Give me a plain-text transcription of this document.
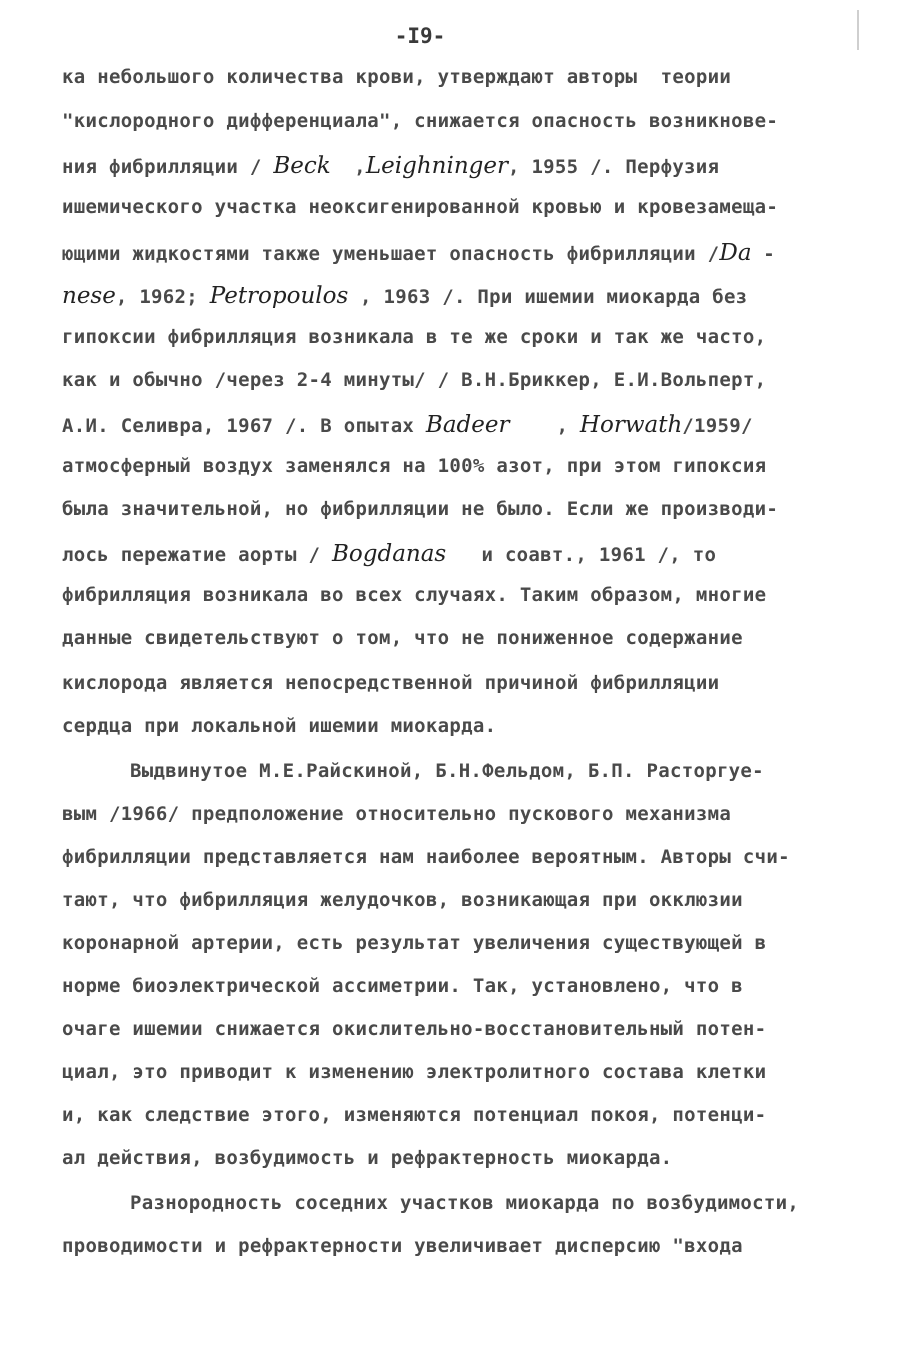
-I9-
ка небольшого количества крови, утверждают авторы  теории
"кислородного дифференциала", снижается опасность возникнове-
ния фибрилляции / Beck  ,Leighninger, 1955 /. Перфузия
ишемического участка неоксигенированной кровью и кровезамеща-
ющими жидкостями также уменьшает опасность фибрилляции /Da -
nese, 1962; Petropoulos , 1963 /. При ишемии миокарда без
гипоксии фибрилляция возникала в те же сроки и так же часто,
как и обычно /через 2-4 минуты/ / В.Н.Бриккер, Е.И.Вольперт,
А.И. Селивра, 1967 /. В опытах Badeer    , Horwath/1959/
атмосферный воздух заменялся на 100% азот, при этом гипоксия
была значительной, но фибрилляции не было. Если же производи-
лось пережатие аорты / Bogdanas   и соавт., 1961 /, то
фибрилляция возникала во всех случаях. Таким образом, многие
данные свидетельствуют о том, что не пониженное содержание
кислорода является непосредственной причиной фибрилляции
сердца при локальной ишемии миокарда.
Выдвинутое М.Е.Райскиной, Б.Н.Фельдом, Б.П. Расторгуе-
вым /1966/ предположение относительно пускового механизма
фибрилляции представляется нам наиболее вероятным. Авторы счи-
тают, что фибрилляция желудочков, возникающая при окклюзии
коронарной артерии, есть результат увеличения существующей в
норме биоэлектрической ассиметрии. Так, установлено, что в
очаге ишемии снижается окислительно-восстановительный потен-
циал, это приводит к изменению электролитного состава клетки
и, как следствие этого, изменяются потенциал покоя, потенци-
ал действия, возбудимость и рефрактерность миокарда.
Разнородность соседних участков миокарда по возбудимости,
проводимости и рефрактерности увеличивает дисперсию "входа
